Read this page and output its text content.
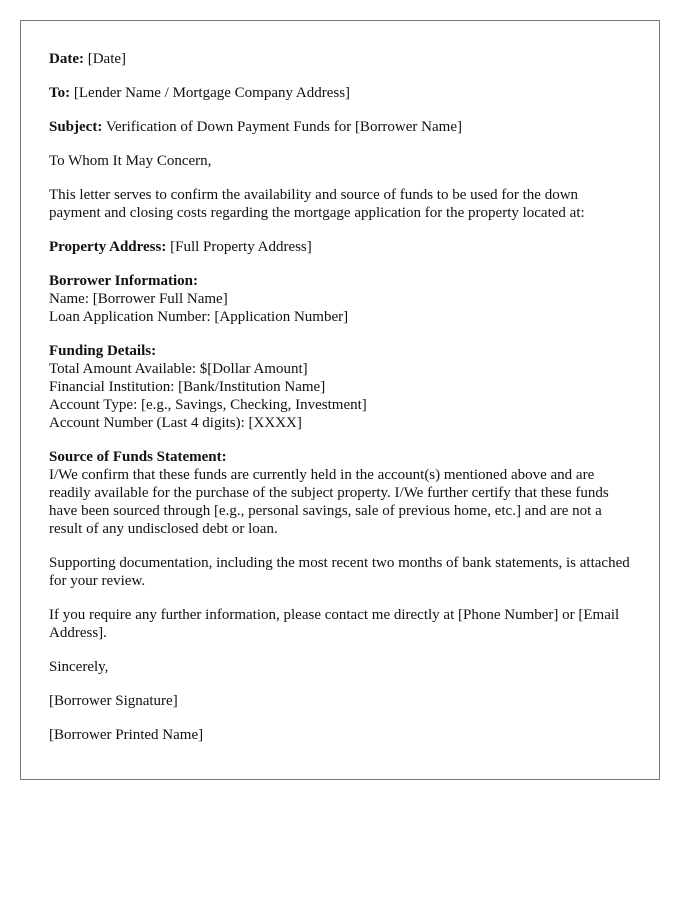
Date: [Date]

To: [Lender Name / Mortgage Company Address]

Subject: Verification of Down Payment Funds for [Borrower Name]

To Whom It May Concern,

This letter serves to confirm the availability and source of funds to be used for the down payment and closing costs regarding the mortgage application for the property located at:

Property Address: [Full Property Address]

Borrower Information:
Name: [Borrower Full Name]
Loan Application Number: [Application Number]

Funding Details:
Total Amount Available: $[Dollar Amount]
Financial Institution: [Bank/Institution Name]
Account Type: [e.g., Savings, Checking, Investment]
Account Number (Last 4 digits): [XXXX]

Source of Funds Statement:
I/We confirm that these funds are currently held in the account(s) mentioned above and are readily available for the purchase of the subject property. I/We further certify that these funds have been sourced through [e.g., personal savings, sale of previous home, etc.] and are not a result of any undisclosed debt or loan.

Supporting documentation, including the most recent two months of bank statements, is attached for your review.

If you require any further information, please contact me directly at [Phone Number] or [Email Address].

Sincerely,

[Borrower Signature]

[Borrower Printed Name]
